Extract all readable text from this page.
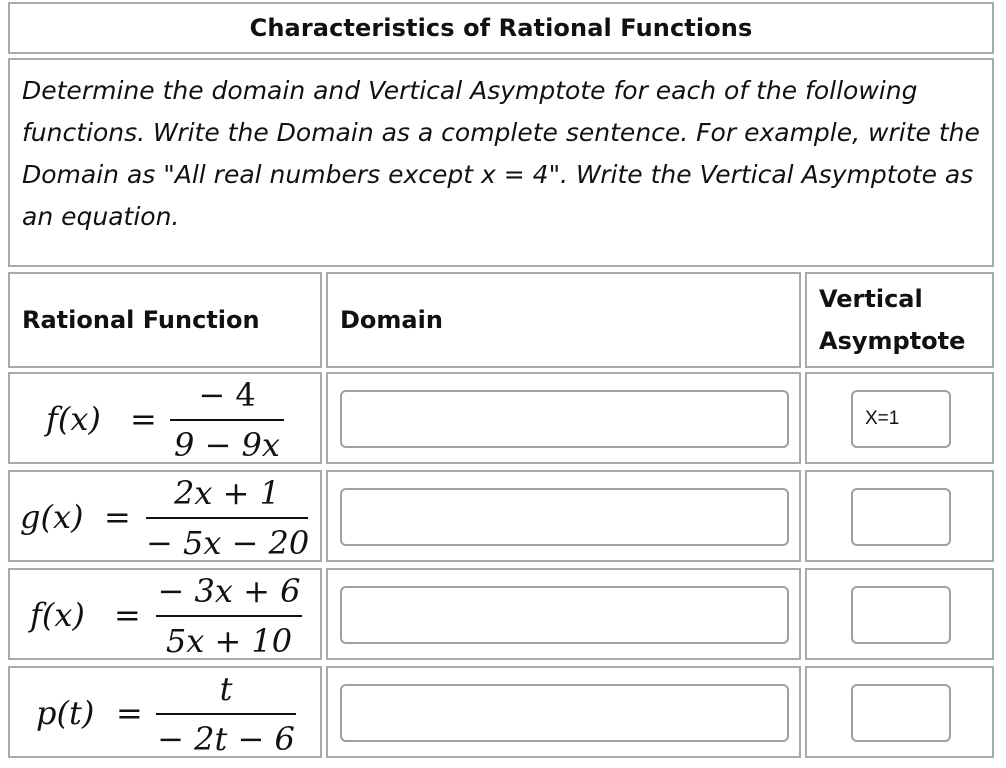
Characteristics of Rational Functions
Determine the domain and Vertical Asymptote for each of the following functions. Write the Domain as a complete sentence. For example, write the Domain as "All real numbers except x = 4". Write the Vertical Asymptote as an equation.
Rational Function	Domain
Vertical
Asymptote
f(x) =
− 4
9 − 9x
X=1
g(x) =
2x + 1
− 5x − 20
f(x) =
− 3x + 6
5x + 10
p(t) =
t
− 2t − 6
